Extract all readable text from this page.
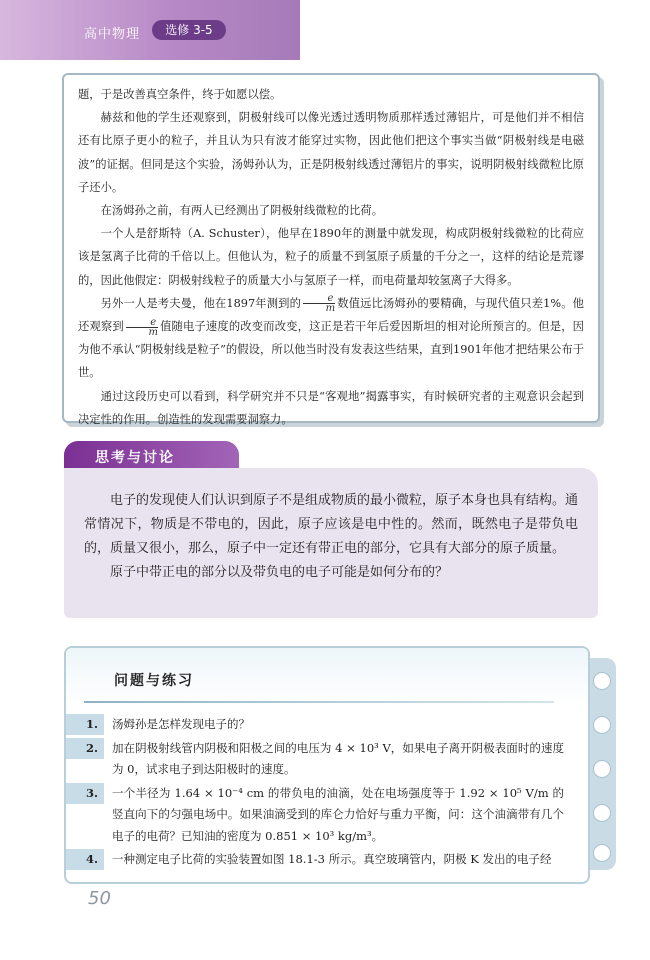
高中物理	选修 3-5

题，于是改善真空条件，终于如愿以偿。

赫兹和他的学生还观察到，阴极射线可以像光透过透明物质那样透过薄铝片，可是他们并不相信还有比原子更小的粒子，并且认为只有波才能穿过实物，因此他们把这个事实当做“阴极射线是电磁波”的证据。但同是这个实验，汤姆孙认为，正是阴极射线透过薄铝片的事实，说明阴极射线微粒比原子还小。

在汤姆孙之前，有两人已经测出了阴极射线微粒的比荷。

一个人是舒斯特（A. Schuster），他早在1890年的测量中就发现，构成阴极射线微粒的比荷应该是氢离子比荷的千倍以上。但他认为，粒子的质量不到氢原子质量的千分之一，这样的结论是荒谬的，因此他假定：阴极射线粒子的质量大小与氢原子一样，而电荷量却较氢离子大得多。

另外一人是考夫曼，他在1897年测到的 $\frac{e}{m}$ 数值远比汤姆孙的要精确，与现代值只差1%。他还观察到 $\frac{e}{m}$ 值随电子速度的改变而改变，这正是若干年后爱因斯坦的相对论所预言的。但是，因为他不承认“阴极射线是粒子”的假设，所以他当时没有发表这些结果，直到1901年他才把结果公布于世。

通过这段历史可以看到，科学研究并不只是“客观地”揭露事实，有时候研究者的主观意识会起到决定性的作用。创造性的发现需要洞察力。

思考与讨论

电子的发现使人们认识到原子不是组成物质的最小微粒，原子本身也具有结构。通常情况下，物质是不带电的，因此，原子应该是电中性的。然而，既然电子是带负电的，质量又很小，那么，原子中一定还有带正电的部分，它具有大部分的原子质量。

原子中带正电的部分以及带负电的电子可能是如何分布的？

问题与练习

1.	汤姆孙是怎样发现电子的？

2.	加在阴极射线管内阴极和阳极之间的电压为 4 × 10³ V，如果电子离开阴极表面时的速度为 0，试求电子到达阳极时的速度。

3.	一个半径为 1.64 × 10⁻⁴ cm 的带负电的油滴，处在电场强度等于 1.92 × 10⁵ V/m 的竖直向下的匀强电场中。如果油滴受到的库仑力恰好与重力平衡，问：这个油滴带有几个电子的电荷？已知油的密度为 0.851 × 10³ kg/m³。

4.	一种测定电子比荷的实验装置如图 18.1-3 所示。真空玻璃管内，阴极 K 发出的电子经

50
